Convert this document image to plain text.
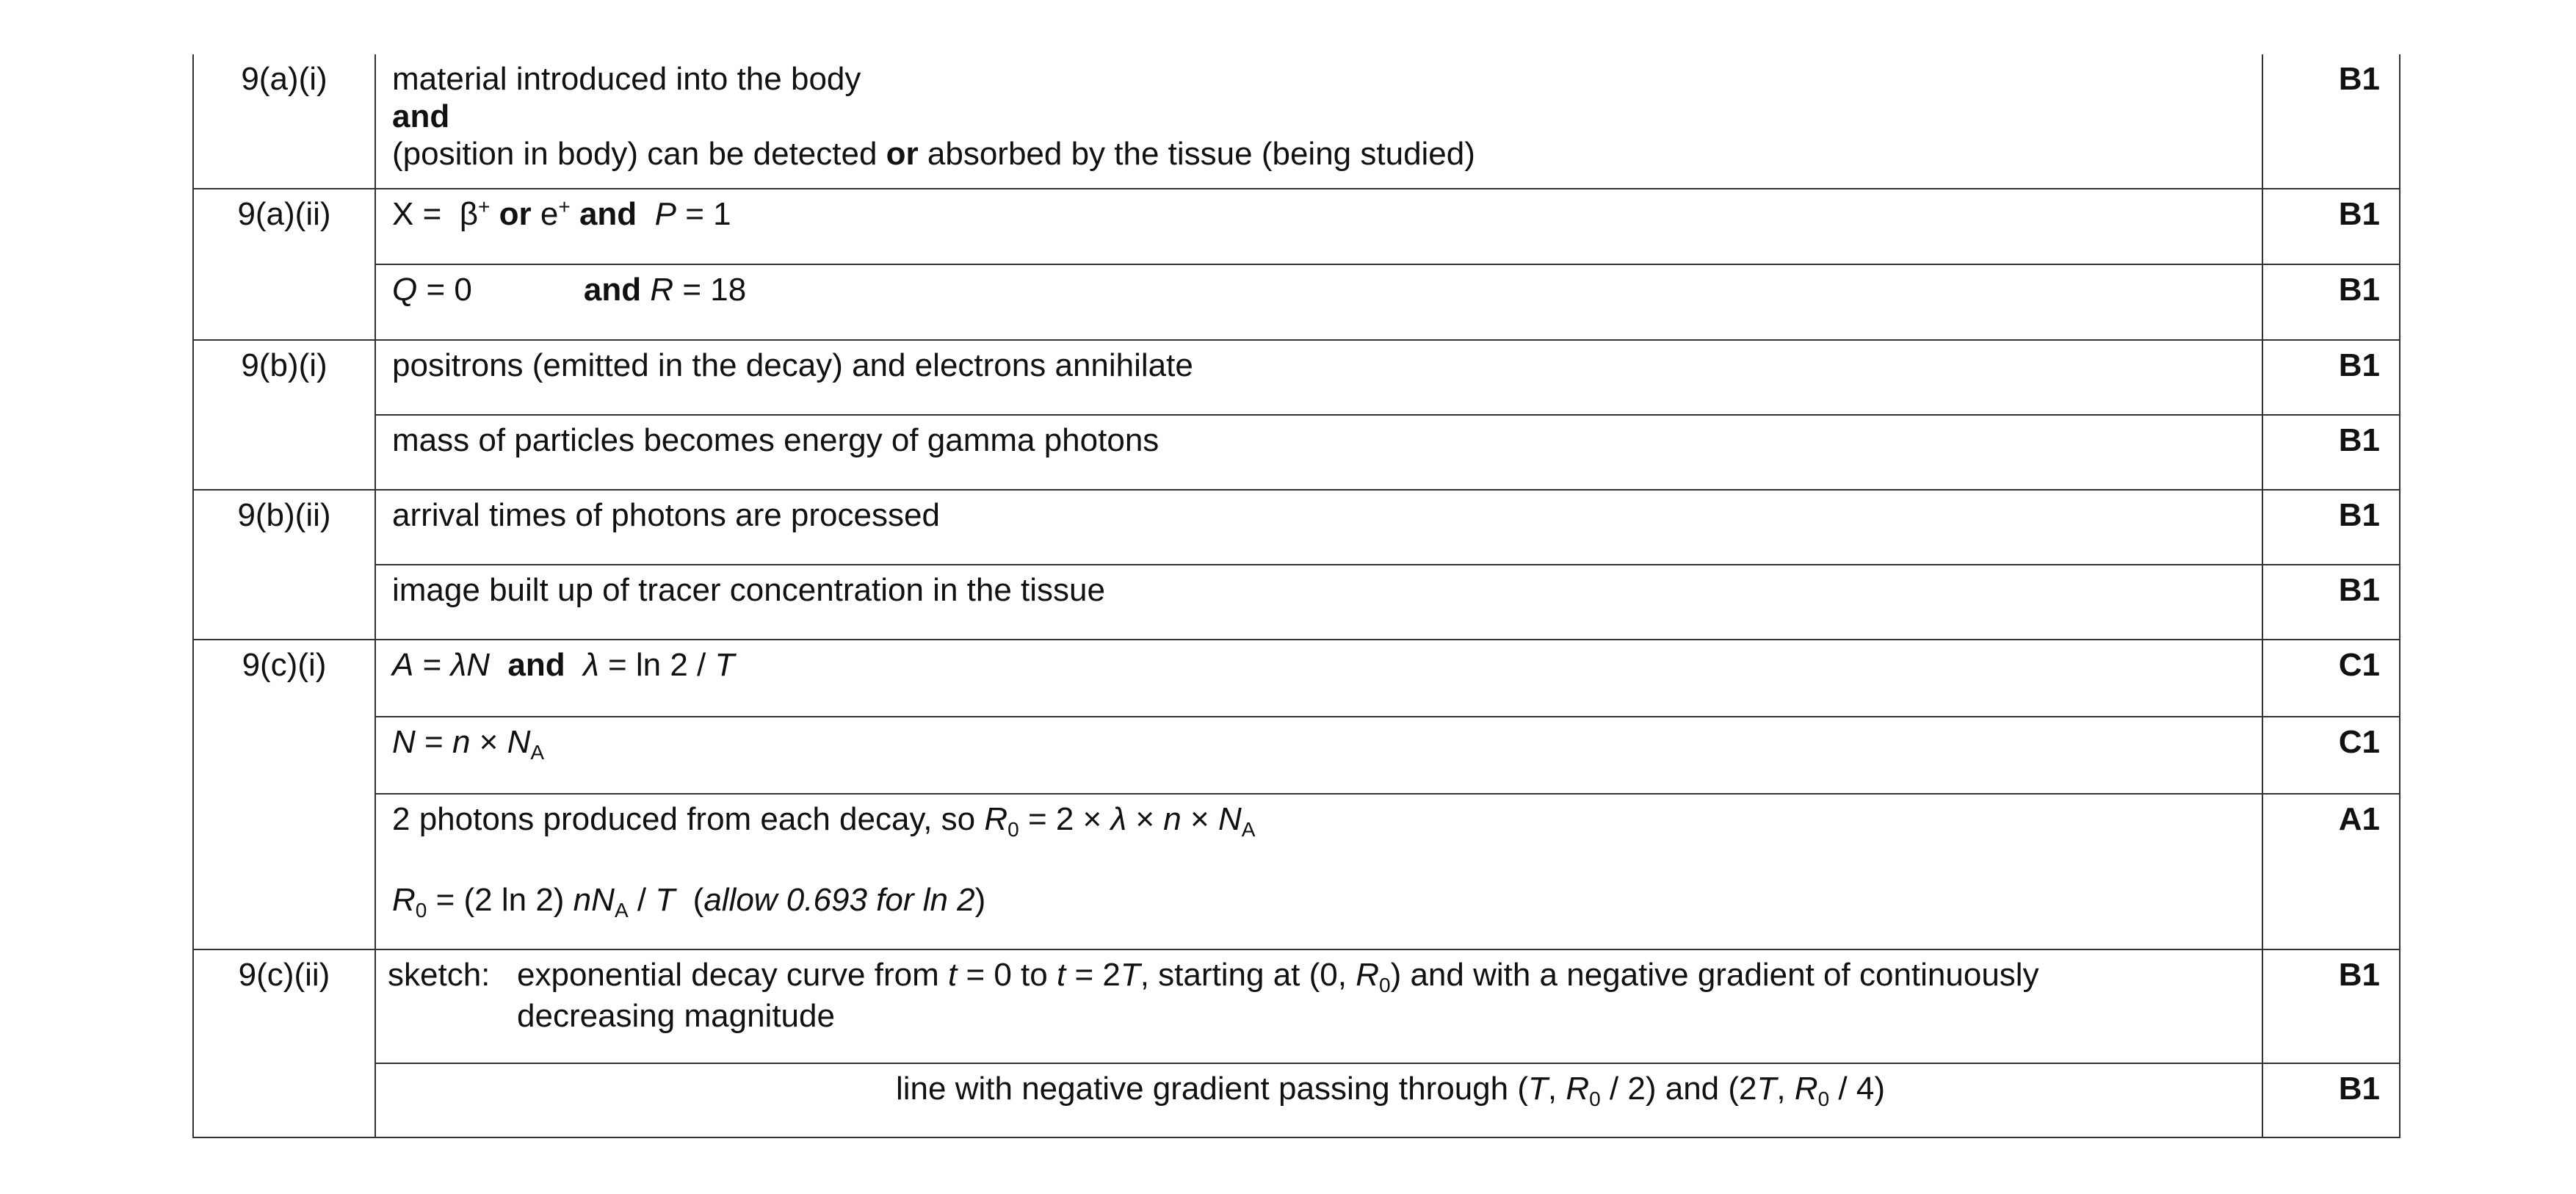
9(a)(i)	material introduced into the body
and
(position in body) can be detected or absorbed by the tissue (being studied)	B1
9(a)(ii)	X =  β+ or e+ and P = 1	B1
	Q = 0 and R = 18	B1
9(b)(i)	positrons (emitted in the decay) and electrons annihilate	B1
	mass of particles becomes energy of gamma photons	B1
9(b)(ii)	arrival times of photons are processed	B1
	image built up of tracer concentration in the tissue	B1
9(c)(i)	A = λN and λ = ln 2 / T	C1
	$N = n \times N_A$	C1

	2 photons produced from each decay, so $R_0 = 2 \times \lambda \times n \times N_A$
$R_0 = (2$ ln 2) $nN_A$ / T  (allow 0.693 for ln 2)	A1
9(c)(ii)	sketch: exponential decay curve from t = 0 to t = 2T, starting at (0, $R_0$) and with a negative gradient of continuously
decreasing magnitude	B1
	line with negative gradient passing through (T, $R_0 / 2$) and (2T, $R_0 / 4$)	B1
